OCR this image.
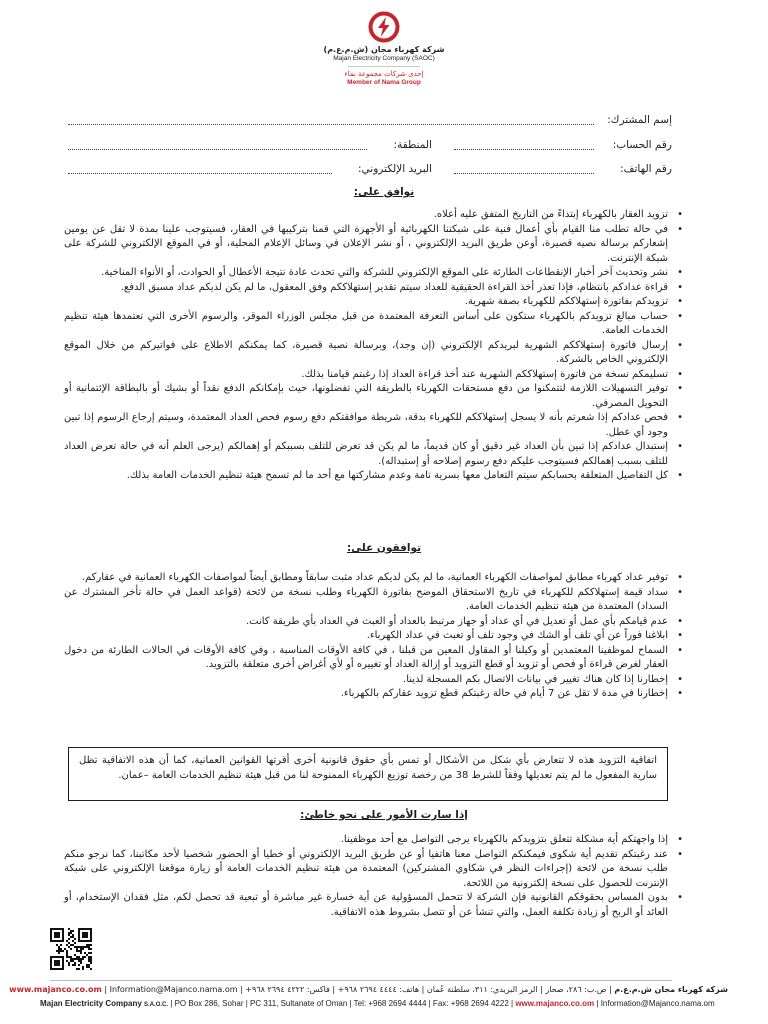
شركة كهرباء مجان (ش.م.ع.م)
Majan Electricity Company (SAOC)
إحدى شركات مجموعة نماء
Member of Nama Group
إسم المشترك:
رقم الحساب:
المنطقة:
رقم الهاتف:
البريد الإلكتروني:
نوافق على:
• تزويد العقار بالكهرباء إبتداءً من التاريخ المتفق عليه أعلاه.
• في حالة تطلب منا القيام بأي أعمال فنية على شبكتنا الكهربائية أو الأجهزة التي قمنا بتركيبها في العقار، فسيتوجب علينا بمدة لا تقل عن يومين إشعاركم برسالة نصيه قصيرة، أوعن طريق البريد الإلكتروني ، أو نشر الإعلان في وسائل الإعلام المحلية، أو في الموقع الإلكتروني للشركة على شبكة الإنترنت.
• نشر وتحديث آخر أخبار الإنقطاعات الطارئة على الموقع الإلكتروني للشركة والتي تحدث عادة نتيجة الأعطال أو الحوادث، أو الأنواء المناخية.
• قراءة عدادكم بانتظام، فإذا تعذر أخذ القراءة الحقيقية للعداد سيتم تقدير إستهلاككم وفق المعقول، ما لم يكن لديكم عداد مسبق الدفع.
• تزويدكم بفاتورة إستهلاككم للكهرباء بصفة شهرية.
• حساب مبالغ تزويدكم بالكهرباء ستكون على أساس التعرفة المعتمدة من قبل مجلس الوزراء الموقر، والرسوم الأخرى التي تعتمدها هيئة تنظيم الخدمات العامة.
• إرسال فاتورة إستهلاككم الشهرية لبريدكم الإلكتروني (إن وجد)، وبرسالة نصية قصيرة، كما يمكنكم الاطلاع على فواتيركم من خلال الموقع الإلكتروني الخاص بالشركة.
• تسليمكم نسخة من فاتورة إستهلاككم الشهرية عند أخذ قراءة العداد إذا رغبتم قيامنا بذلك.
• توفير التسهيلات اللازمة لتتمكنوا من دفع مستحقات الكهرباء بالطريقة التي تفضلونها، حيث بإمكانكم الدفع نقداً أو بشيك أو بالبطاقة الإئتمانية أو التحويل المصرفي.
• فحص عدادكم إذا شعرتم بأنه لا يسجل إستهلاككم للكهرباء بدقة، شريطة موافقتكم دفع رسوم فحص العداد المعتمدة، وسيتم إرجاع الرسوم إذا تبين وجود أي عطل.
• إستبدال عدادكم إذا تبين بأن العداد غير دقيق أو كان قديماً، ما لم يكن قد تعرض للتلف بسببكم أو إهمالكم (يرجى العلم أنه في حالة تعرض العداد للتلف بسبب إهمالكم فسيتوجب عليكم دفع رسوم إصلاحه أو إستبداله).
• كل التفاصيل المتعلقة بحسابكم سيتم التعامل معها بسرية تامة وعدم مشاركتها مع أحد ما لم تسمح هيئة تنظيم الخدمات العامة بذلك.
توافقون على:
• توفير عداد كهرباء مطابق لمواصفات الكهرباء العمانية، ما لم يكن لديكم عداد مثبت سابقاً ومطابق أيضاً لمواصفات الكهرباء العمانية في عقاركم.
• سداد قيمة إستهلاككم للكهرباء في تاريخ الاستحقاق الموضح بفاتورة الكهرباء وطلب نسخة من لائحة (قواعد العمل في حالة تأخر المشترك عن السداد) المعتمدة من هيئة تنظيم الخدمات العامة.
• عدم قيامكم بأي عمل أو تعديل في أي عداد أو جهاز مرتبط بالعداد أو العبث في العداد بأي طريقة كانت.
• ابلاغنا فوراً عن أي تلف أو الشك في وجود تلف أو تعبث في عداد الكهرباء.
• السماح لموظفينا المعتمدين أو وكيلنا أو المقاول المعين من قبلنا ، في كافة الأوقات المناسبة ، وفي كافة الأوقات في الحالات الطارئة من دخول العقار لغرض قراءة أو فحص أو تزويد أو قطع التزويد أو إزالة العداد أو تغييره أو لأي أغراض أخرى متعلقة بالتزويد.
• إخطارنا إذا كان هناك تغيير في بيانات الاتصال بكم المسجلة لدينا.
• إخطارنا في مدة لا تقل عن 7 أيام في حالة رغبتكم قطع تزويد عقاركم بالكهرباء.
اتفاقية التزويد هذه لا تتعارض بأي شكل من الأشكال أو تمس بأي حقوق قانونية أخرى أقرتها القوانين العمانية، كما أن هذه الاتفاقية تظل سارية المفعول ما لم يتم تعديلها وفقاً للشرط 38 من رخصة توزيع الكهرباء الممنوحة لنا من قبل هيئة تنظيم الخدمات العامة –عمان.
إذا سارت الأمور على نحو خاطئ:
• إذا واجهتكم أية مشكلة تتعلق بتزويدكم بالكهرباء يرجى التواصل مع أحد موظفينا.
• عند رغبتكم تقديم أية شكوى فيمكنكم التواصل معنا هاتفيا أو عن طريق البريد الإلكتروني أو خطيا أو الحضور شخصيا لأحد مكاتبنا، كما نرجو منكم طلب نسخة من لائحة (إجراءات النظر في شكاوي المشتركين) المعتمدة من هيئة تنظيم الخدمات العامة أو زيارة موقعنا الإلكتروني على شبكة الإنترنت للحصول على نسخة إلكترونية من اللائحة.
• بدون المساس بحقوقكم القانونية فإن الشركة لا تتحمل المسؤولية عن أية خسارة غير مباشرة أو تبعية قد تحصل لكم، مثل فقدان الإستخدام، أو العائد أو الربح أو زيادة تكلفة العمل، والتي تنشأ عن أو تتصل بشروط هذه الاتفاقية.
شركة كهرباء مجان ش.م.ع.م | ص.ب: ٢٨٦، صحار | الرمز البريدي: ٣١١، سلطنة عُمان | هاتف: ٤٤٤٤ ٢٦٩٤ ٩٦٨+ | فاكس: ٤٢٢٢ ٢٦٩٤ ٩٦٨+ | www.majanco.co.om | Information@Majanco.nama.om
Majan Electricity Company S.A.O.C. | PO Box 286, Sohar | PC 311, Sultanate of Oman | Tel: +968 2694 4444 | Fax: +968 2694 4222 | www.majanco.co.om | Information@Majanco.nama.om
